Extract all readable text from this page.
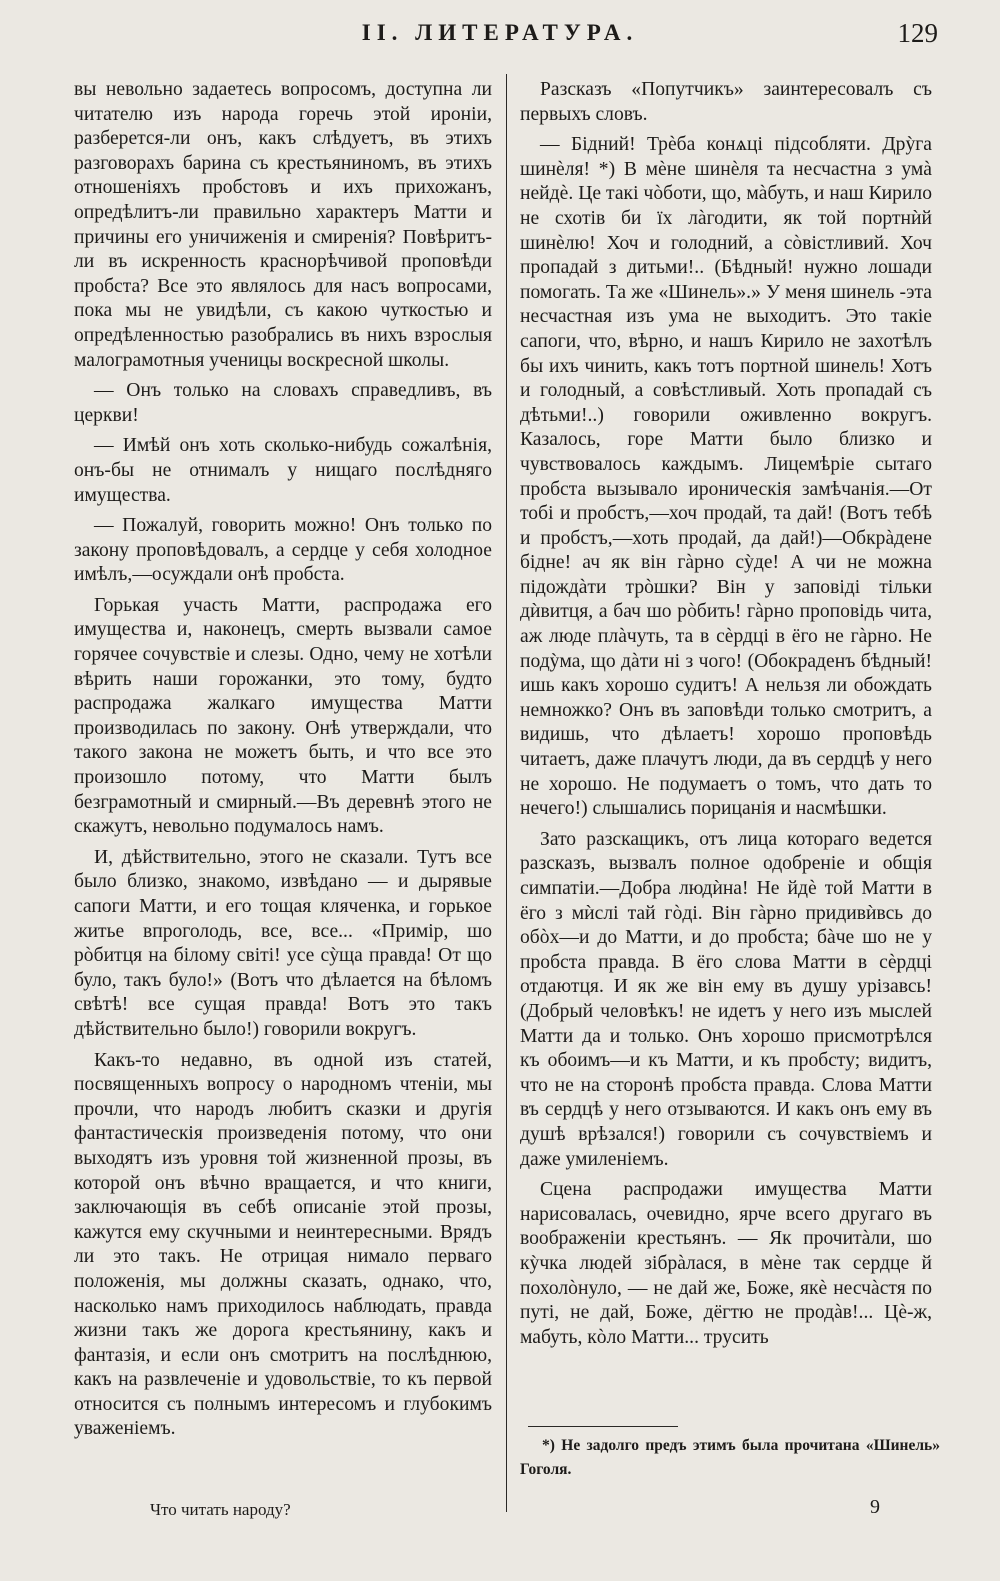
II. ЛИТЕРАТУРА.	129

вы невольно задаетесь вопросомъ, доступна ли читателю изъ народа горечь этой ироніи, разберется-ли онъ, какъ слѣдуетъ, въ этихъ разговорахъ барина съ крестьяниномъ, въ этихъ отношеніяхъ пробстовъ и ихъ прихожанъ, опредѣлитъ-ли правильно характеръ Матти и причины его уничиженія и смиренія? Повѣритъ-ли въ искренность краснорѣчивой проповѣди пробста? Все это являлось для насъ вопросами, пока мы не увидѣли, съ какою чуткостью и опредѣленностью разобрались въ нихъ взрослыя малограмотныя ученицы воскресной школы.

— Онъ только на словахъ справедливъ, въ церкви!

— Имѣй онъ хоть сколько-нибудь сожалѣнія, онъ-бы не отнималъ у нищаго послѣдняго имущества.

— Пожалуй, говорить можно! Онъ только по закону проповѣдовалъ, а сердце у себя холодное имѣлъ,—осуждали онѣ пробста.

Горькая участь Матти, распродажа его имущества и, наконецъ, смерть вызвали самое горячее сочувствіе и слезы. Одно, чему не хотѣли вѣрить наши горожанки, это тому, будто распродажа жалкаго имущества Матти производилась по закону. Онѣ утверждали, что такого закона не можетъ быть, и что все это произошло потому, что Матти былъ безграмотный и смирный.—Въ деревнѣ этого не скажутъ, невольно подумалось намъ.

И, дѣйствительно, этого не сказали. Тутъ все было близко, знакомо, извѣдано — и дырявые сапоги Матти, и его тощая кляченка, и горькое житье впроголодь, все, все... «Примір, шо рòбитця на білому світі! усе сỳща правда! От що було, такъ було!» (Вотъ что дѣлается на бѣломъ свѣтѣ! все сущая правда! Вотъ это такъ дѣйствительно было!) говорили вокругъ.

Какъ-то недавно, въ одной изъ статей, посвященныхъ вопросу о народномъ чтеніи, мы прочли, что народъ любитъ сказки и другія фантастическія произведенія потому, что они выходятъ изъ уровня той жизненной прозы, въ которой онъ вѣчно вращается, и что книги, заключающія въ себѣ описаніе этой прозы, кажутся ему скучными и неинтересными. Врядъ ли это такъ. Не отрицая нимало перваго положенія, мы должны сказать, однако, что, насколько намъ приходилось наблюдать, правда жизни такъ же дорога крестьянину, какъ и фантазія, и если онъ смотритъ на послѣднюю, какъ на развлеченіе и удовольствіе, то къ первой относится съ полнымъ интересомъ и глубокимъ уваженіемъ.

Разсказъ «Попутчикъ» заинтересовалъ съ первыхъ словъ.

— Бідний! Трѐба конѧці підсобляти. Дрỳга шинѐля! *) В мѐне шинѐля та несчастна з умà нейдѐ. Це такі чòботи, що, мàбуть, и наш Кирило не схотів би їх лàгодити, як той портнѝй шинѐлю! Хоч и голодний, а сòвістливий. Хоч пропадай з дитьми!.. (Бѣдный! нужно лошади помогать. Та же «Шинель».» У меня шинель -эта несчастная изъ ума не выходитъ. Это такіе сапоги, что, вѣрно, и нашъ Кирило не захотѣлъ бы ихъ чинить, какъ тотъ портной шинель! Хотъ и голодный, а совѣстливый. Хоть пропадай съ дѣтьми!..) говорили оживленно вокругъ. Казалось, горе Матти было близко и чувствовалось каждымъ. Лицемѣріе сытаго пробста вызывало ироническія замѣчанія.—От тобі и пробстъ,—хоч продай, та дай! (Вотъ тебѣ и пробстъ,—хоть продай, да дай!)—Обкрàдене бідне! ач як він гàрно сỳде! А чи не можна підождàти трòшки? Він у заповіді тільки дѝвитця, а бач шо рòбить! гàрно проповідь чита, аж люде плàчуть, та в сѐрдці в ёго не гàрно. Не подỳма, що дàти ні з чого! (Обокраденъ бѣдный! ишь какъ хорошо судитъ! А нельзя ли обождать немножко? Онъ въ заповѣди только смотритъ, а видишь, что дѣлаетъ! хорошо проповѣдь читаетъ, даже плачутъ люди, да въ сердцѣ у него не хорошо. Не подумаетъ о томъ, что дать то нечего!) слышались порицанія и насмѣшки.

Зато разскащикъ, отъ лица котораго ведется разсказъ, вызвалъ полное одобреніе и общія симпатіи.—Добра людѝна! Не йдѐ той Матти в ёго з мѝслі тай гòді. Він гàрно придивѝвсь до обòх—и до Матти, и до пробста; бàче шо не у пробста правда. В ёго слова Матти в сѐрдці отдаютця. И як же він ему въ душу урізавсь! (Добрый человѣкъ! не идетъ у него изъ мыслей Матти да и только. Онъ хорошо присмотрѣлся къ обоимъ—и къ Матти, и къ пробсту; видитъ, что не на сторонѣ пробста правда. Слова Матти въ сердцѣ у него отзываются. И какъ онъ ему въ душѣ врѣзался!) говорили съ сочувствіемъ и даже умиленіемъ.

Сцена распродажи имущества Матти нарисовалась, очевидно, ярче всего другаго въ воображеніи крестьянъ. — Як прочитàли, шо кỳчка людей зібрàлася, в мѐне так сердце й похолòнуло, — не дай же, Боже, якѐ несчàстя по путі, не дай, Боже, дёгтю не продàв!... Цѐ-ж, мабуть, кòло Матти... трусить

*) Не задолго предъ этимъ была прочитана «Шинель» Гоголя.
Что читать народу?	9
